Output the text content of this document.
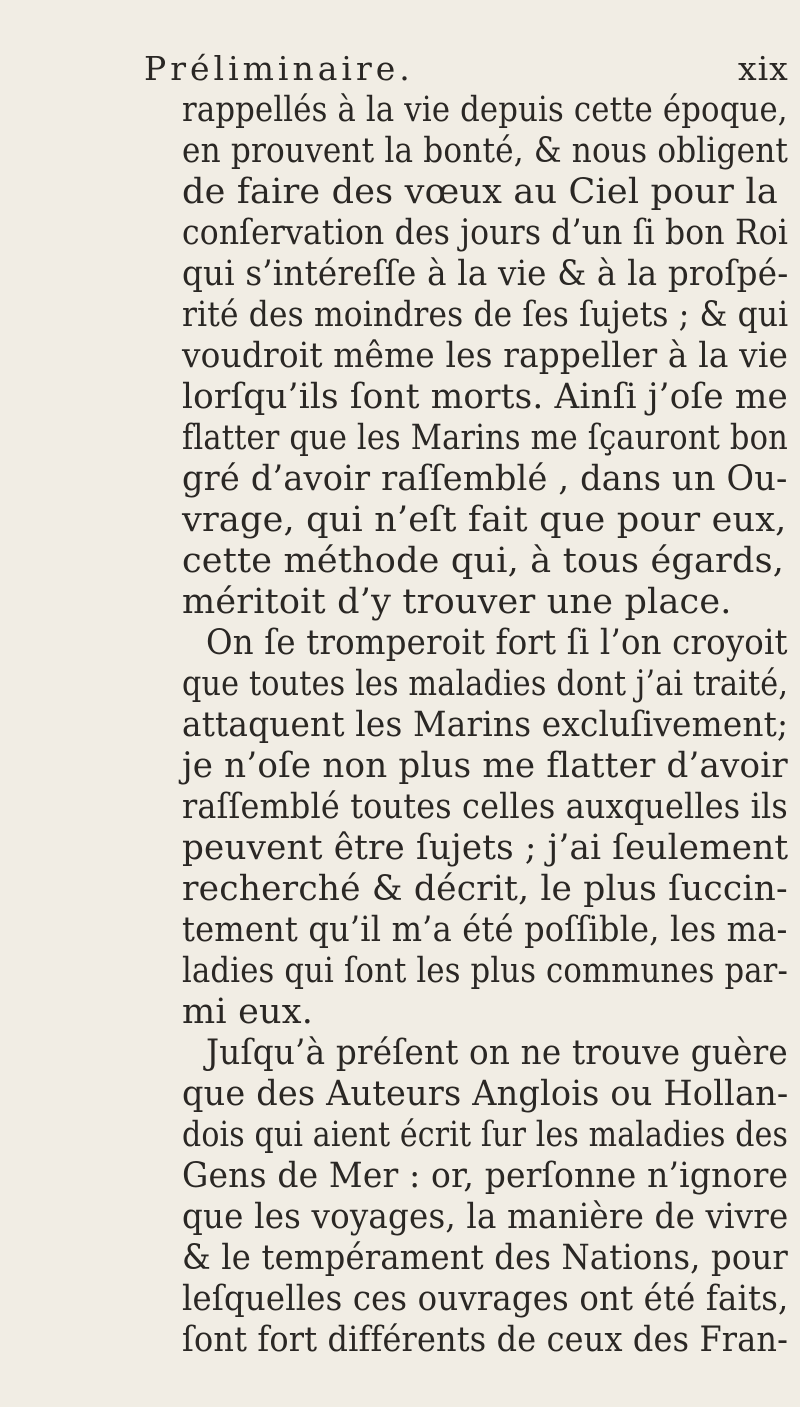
Préliminaire.	xix
rappellés à la vie depuis cette époque,
en prouvent la bonté, & nous obligent
de faire des vœux au Ciel pour la
conſervation des jours d’un ſi bon Roi
qui s’intéreſſe à la vie & à la proſpé-
rité des moindres de ſes ſujets ; & qui
voudroit même les rappeller à la vie
lorſqu’ils ſont morts. Ainſi j’oſe me
flatter que les Marins me ſçauront bon
gré d’avoir raſſemblé , dans un Ou-
vrage, qui n’eſt fait que pour eux,
cette méthode qui, à tous égards,
méritoit d’y trouver une place.
On ſe tromperoit fort ſi l’on croyoit
que toutes les maladies dont j’ai traité,
attaquent les Marins excluſivement;
je n’oſe non plus me flatter d’avoir
raſſemblé toutes celles auxquelles ils
peuvent être ſujets ; j’ai ſeulement
recherché & décrit, le plus ſuccin-
tement qu’il m’a été poſſible, les ma-
ladies qui ſont les plus communes par-
mi eux.
Juſqu’à préſent on ne trouve guère
que des Auteurs Anglois ou Hollan-
dois qui aient écrit ſur les maladies des
Gens de Mer : or, perſonne n’ignore
que les voyages, la manière de vivre
& le tempérament des Nations, pour
leſquelles ces ouvrages ont été faits,
ſont fort différents de ceux des Fran-
